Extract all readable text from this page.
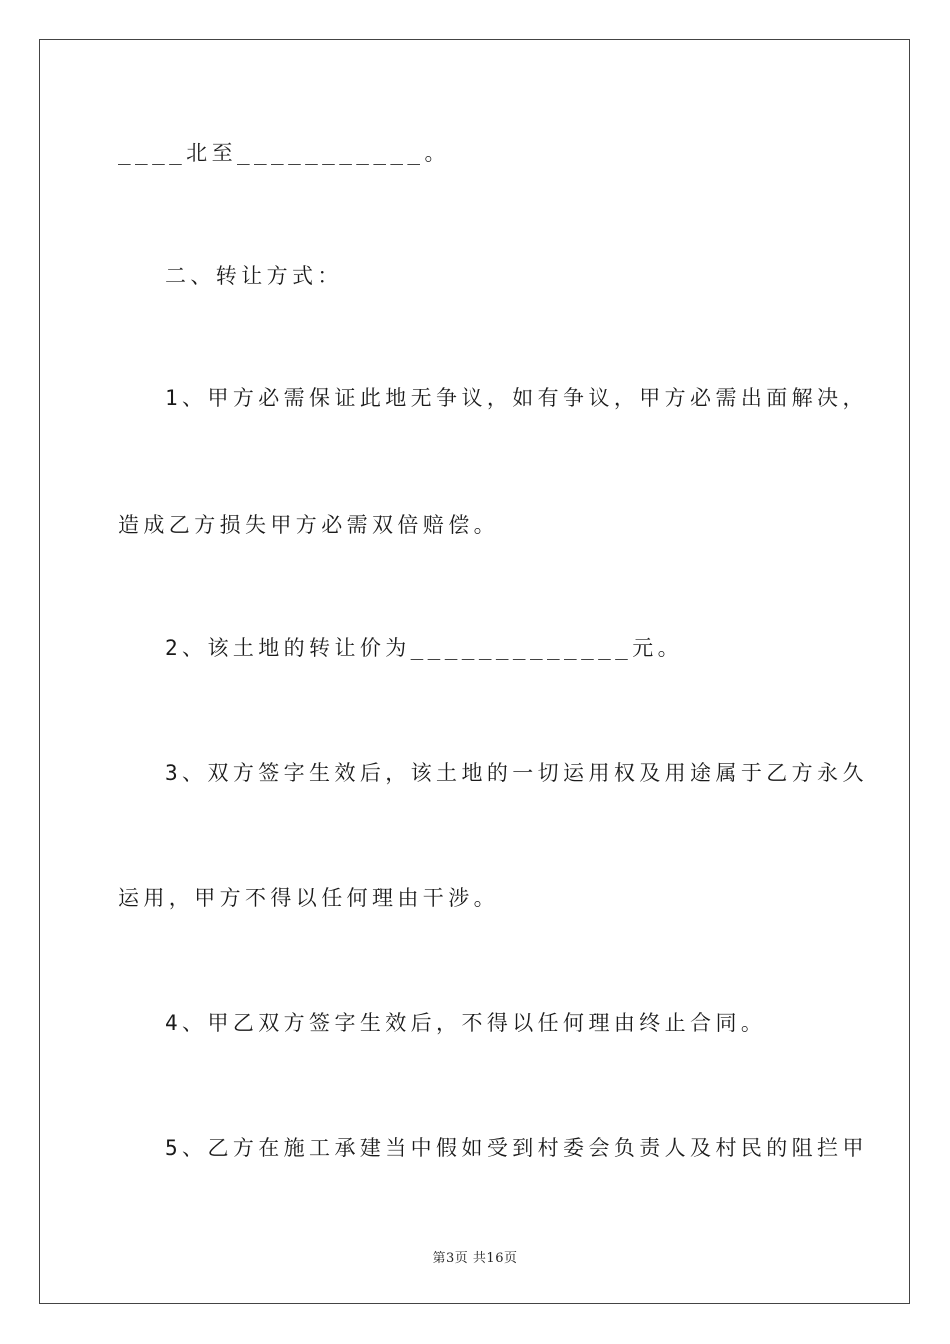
____北至___________。
二、转让方式：
1、甲方必需保证此地无争议，如有争议，甲方必需出面解决，
造成乙方损失甲方必需双倍赔偿。
2、该土地的转让价为_____________元。
3、双方签字生效后，该土地的一切运用权及用途属于乙方永久
运用，甲方不得以任何理由干涉。
4、甲乙双方签字生效后，不得以任何理由终止合同。
5、乙方在施工承建当中假如受到村委会负责人及村民的阻拦甲
第3页 共16页
